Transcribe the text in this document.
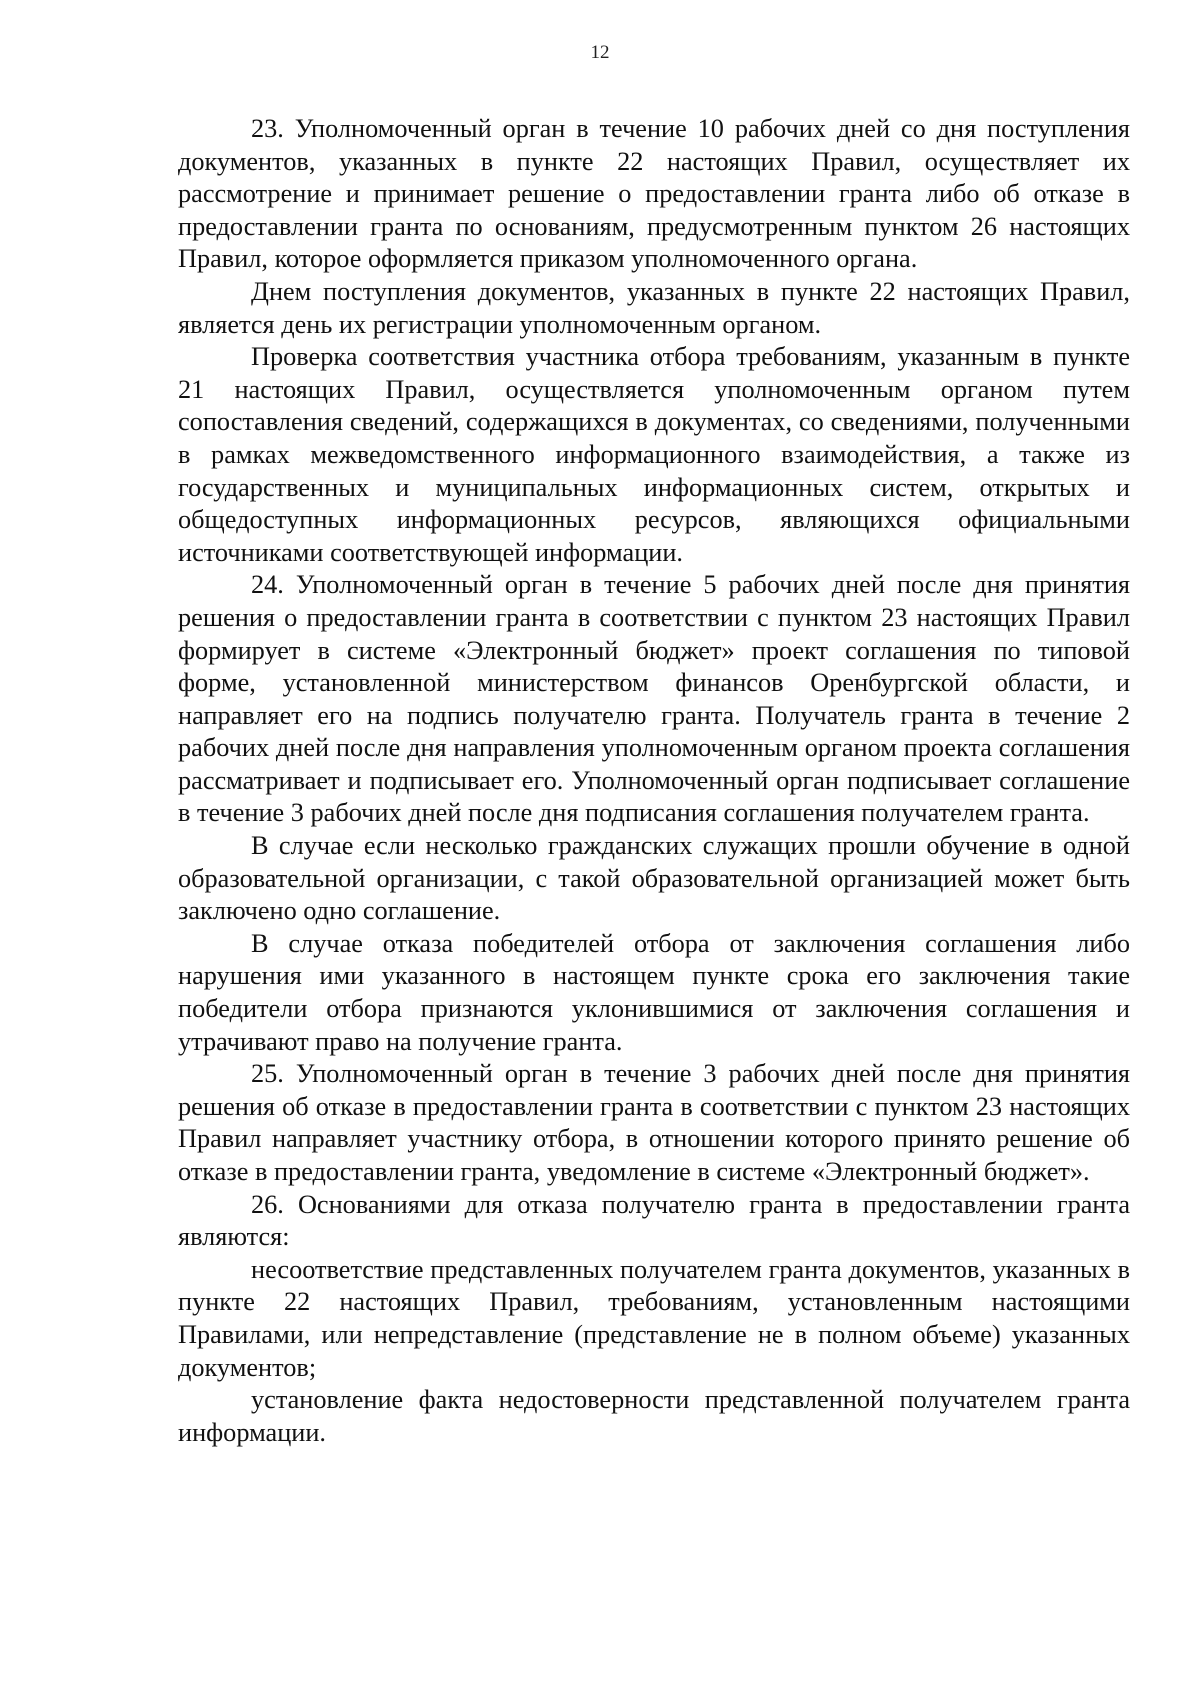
12

23. Уполномоченный орган в течение 10 рабочих дней со дня поступления документов, указанных в пункте 22 настоящих Правил, осуществляет их рассмотрение и принимает решение о предоставлении гранта либо об отказе в предоставлении гранта по основаниям, предусмотренным пунктом 26 настоящих Правил, которое оформляется приказом уполномоченного органа.

Днем поступления документов, указанных в пункте 22 настоящих Правил, является день их регистрации уполномоченным органом.

Проверка соответствия участника отбора требованиям, указанным в пункте 21 настоящих Правил, осуществляется уполномоченным органом путем сопоставления сведений, содержащихся в документах, со сведениями, полученными в рамках межведомственного информационного взаимодействия, а также из государственных и муниципальных информационных систем, открытых и общедоступных информационных ресурсов, являющихся официальными источниками соответствующей информации.

24. Уполномоченный орган в течение 5 рабочих дней после дня принятия решения о предоставлении гранта в соответствии с пунктом 23 настоящих Правил формирует в системе «Электронный бюджет» проект соглашения по типовой форме, установленной министерством финансов Оренбургской области, и направляет его на подпись получателю гранта. Получатель гранта в течение 2 рабочих дней после дня направления уполномоченным органом проекта соглашения рассматривает и подписывает его. Уполномоченный орган подписывает соглашение в течение 3 рабочих дней после дня подписания соглашения получателем гранта.

В случае если несколько гражданских служащих прошли обучение в одной образовательной организации, с такой образовательной организацией может быть заключено одно соглашение.

В случае отказа победителей отбора от заключения соглашения либо нарушения ими указанного в настоящем пункте срока его заключения такие победители отбора признаются уклонившимися от заключения соглашения и утрачивают право на получение гранта.

25. Уполномоченный орган в течение 3 рабочих дней после дня принятия решения об отказе в предоставлении гранта в соответствии с пунктом 23 настоящих Правил направляет участнику отбора, в отношении которого принято решение об отказе в предоставлении гранта, уведомление в системе «Электронный бюджет».

26. Основаниями для отказа получателю гранта в предоставлении гранта являются:

несоответствие представленных получателем гранта документов, указанных в пункте 22 настоящих Правил, требованиям, установленным настоящими Правилами, или непредставление (представление не в полном объеме) указанных документов;

установление факта недостоверности представленной получателем гранта информации.
